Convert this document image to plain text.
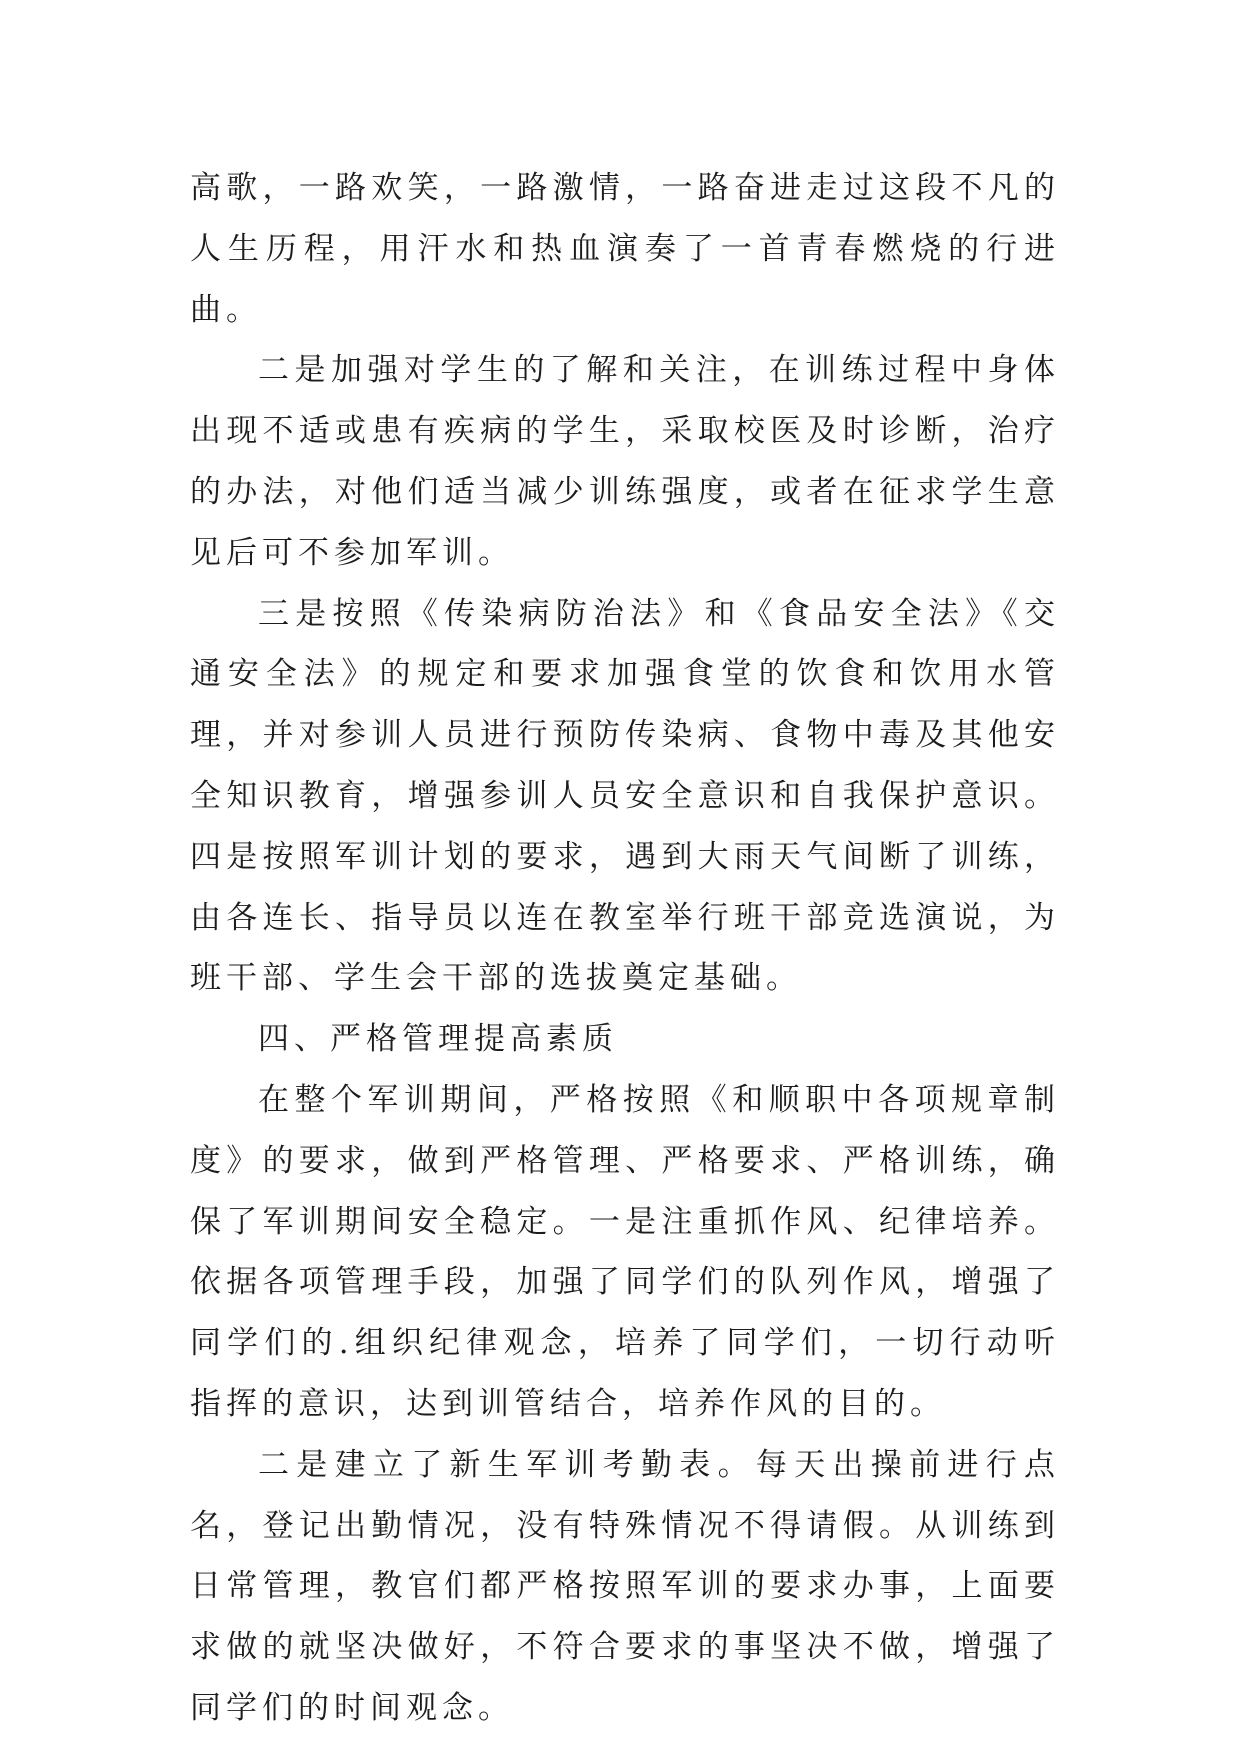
高歌，一路欢笑，一路激情，一路奋进走过这段不凡的人生历程，用汗水和热血演奏了一首青春燃烧的行进曲。

二是加强对学生的了解和关注，在训练过程中身体出现不适或患有疾病的学生，采取校医及时诊断，治疗的办法，对他们适当减少训练强度，或者在征求学生意见后可不参加军训。

三是按照《传染病防治法》和《食品安全法》《交通安全法》的规定和要求加强食堂的饮食和饮用水管理，并对参训人员进行预防传染病、食物中毒及其他安全知识教育，增强参训人员安全意识和自我保护意识。四是按照军训计划的要求，遇到大雨天气间断了训练，由各连长、指导员以连在教室举行班干部竞选演说，为班干部、学生会干部的选拔奠定基础。

四、严格管理提高素质

在整个军训期间，严格按照《和顺职中各项规章制度》的要求，做到严格管理、严格要求、严格训练，确保了军训期间安全稳定。一是注重抓作风、纪律培养。依据各项管理手段，加强了同学们的队列作风，增强了同学们的.组织纪律观念，培养了同学们，一切行动听指挥的意识，达到训管结合，培养作风的目的。

二是建立了新生军训考勤表。每天出操前进行点名，登记出勤情况，没有特殊情况不得请假。从训练到日常管理，教官们都严格按照军训的要求办事，上面要求做的就坚决做好，不符合要求的事坚决不做，增强了同学们的时间观念。
